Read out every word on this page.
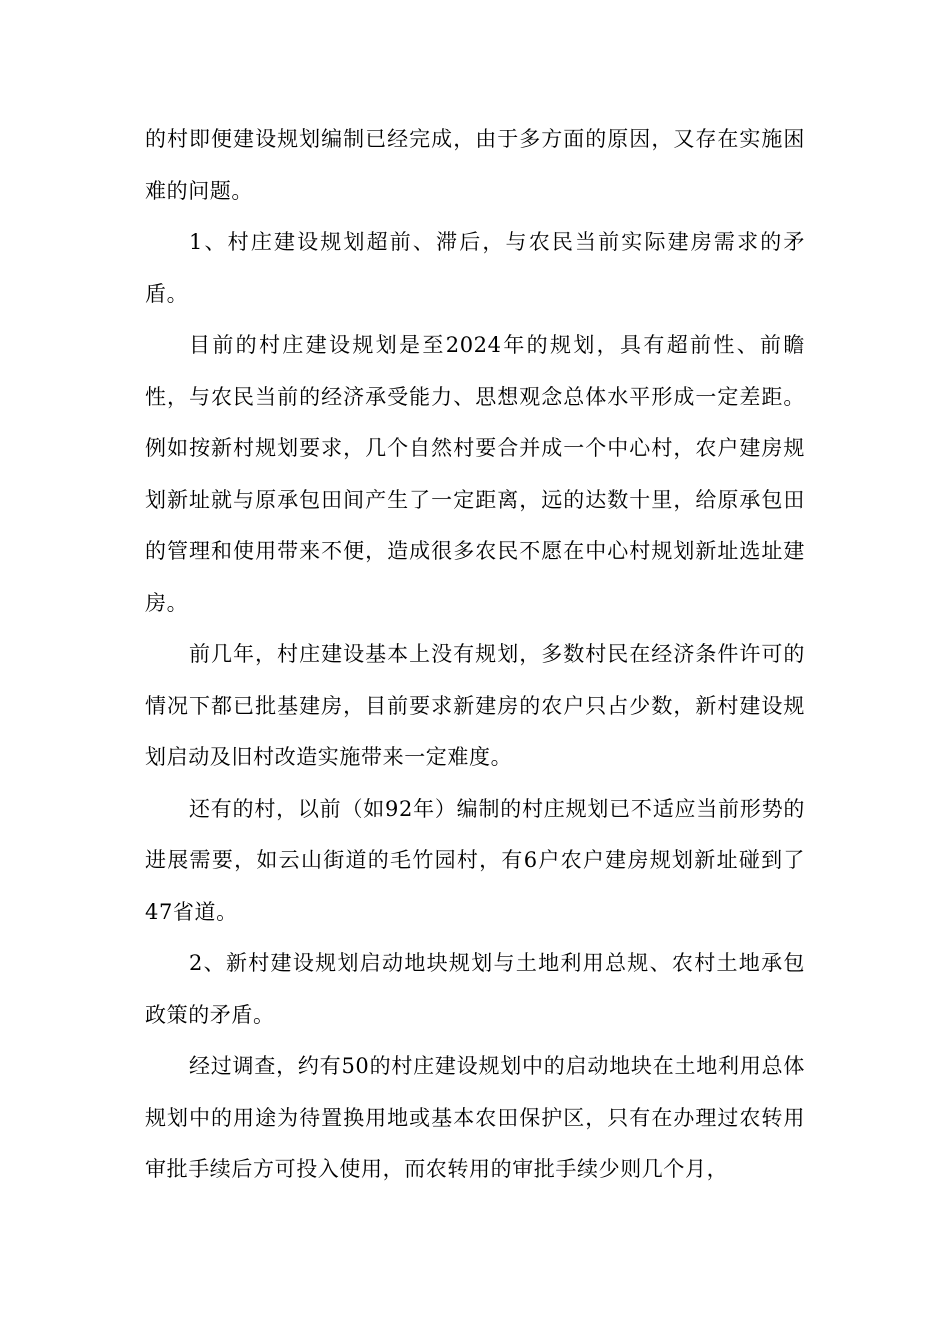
的村即便建设规划编制已经完成，由于多方面的原因，又存在实施困难的问题。

1、村庄建设规划超前、滞后，与农民当前实际建房需求的矛盾。

目前的村庄建设规划是至2024年的规划，具有超前性、前瞻性，与农民当前的经济承受能力、思想观念总体水平形成一定差距。例如按新村规划要求，几个自然村要合并成一个中心村，农户建房规划新址就与原承包田间产生了一定距离，远的达数十里，给原承包田的管理和使用带来不便，造成很多农民不愿在中心村规划新址选址建房。

前几年，村庄建设基本上没有规划，多数村民在经济条件许可的情况下都已批基建房，目前要求新建房的农户只占少数，新村建设规划启动及旧村改造实施带来一定难度。

还有的村，以前（如92年）编制的村庄规划已不适应当前形势的进展需要，如云山街道的毛竹园村，有6户农户建房规划新址碰到了47省道。

2、新村建设规划启动地块规划与土地利用总规、农村土地承包政策的矛盾。

经过调查，约有50的村庄建设规划中的启动地块在土地利用总体规划中的用途为待置换用地或基本农田保护区，只有在办理过农转用审批手续后方可投入使用，而农转用的审批手续少则几个月，
